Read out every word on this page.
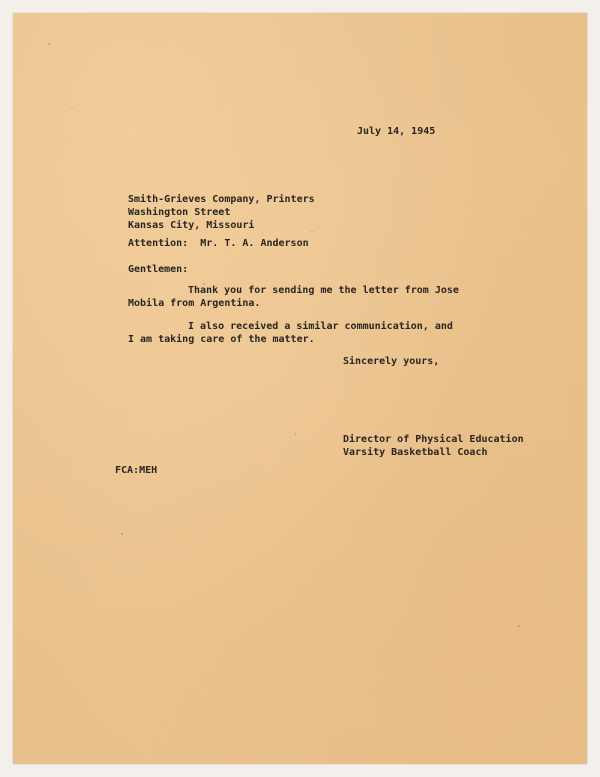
July 14, 1945
Smith-Grieves Company, Printers
Washington Street
Kansas City, Missouri
Attention:  Mr. T. A. Anderson
Gentlemen:
Thank you for sending me the letter from Jose
Mobila from Argentina.
I also received a similar communication, and
I am taking care of the matter.
Sincerely yours,
Director of Physical Education
Varsity Basketball Coach
FCA:MEH
